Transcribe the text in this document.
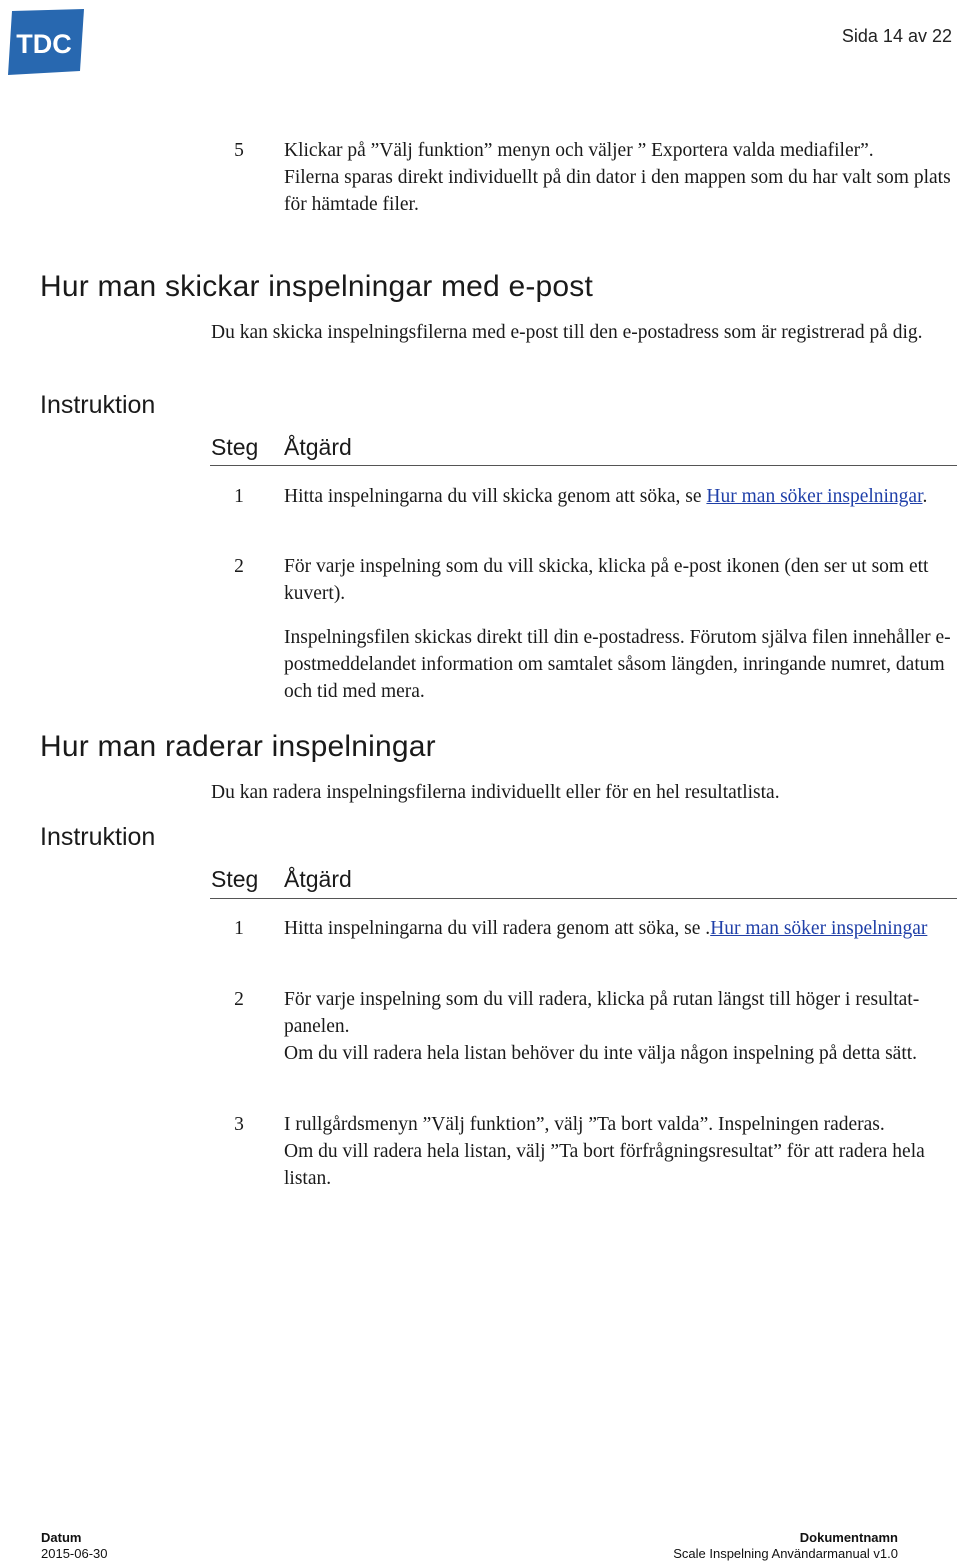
TDC	Sida 14 av 22
5 Klickar på ”Välj funktion” menyn och väljer ” Exportera valda mediafiler”.
Filerna sparas direkt individuellt på din dator i den mappen som du har valt som plats för hämtade filer.
Hur man skickar inspelningar med e-post
Du kan skicka inspelningsfilerna med e-post till den e-postadress som är registrerad på dig.
Instruktion
Steg Åtgärd
1 Hitta inspelningarna du vill skicka genom att söka, se Hur man söker inspelningar.
2 För varje inspelning som du vill skicka, klicka på e-post ikonen (den ser ut som ett kuvert).
Inspelningsfilen skickas direkt till din e-postadress. Förutom själva filen innehåller e-postmeddelandet information om samtalet såsom längden, inringande numret, datum och tid med mera.
Hur man raderar inspelningar
Du kan radera inspelningsfilerna individuellt eller för en hel resultatlista.
Instruktion
Steg Åtgärd
1 Hitta inspelningarna du vill radera genom att söka, se .Hur man söker inspelningar
2 För varje inspelning som du vill radera, klicka på rutan längst till höger i resultat-panelen.
Om du vill radera hela listan behöver du inte välja någon inspelning på detta sätt.
3 I rullgårdsmenyn ”Välj funktion”, välj ”Ta bort valda”. Inspelningen raderas.
Om du vill radera hela listan, välj ”Ta bort förfrågningsresultat” för att radera hela listan.
Datum
2015-06-30
Dokumentnamn
Scale Inspelning Användarmanual v1.0
